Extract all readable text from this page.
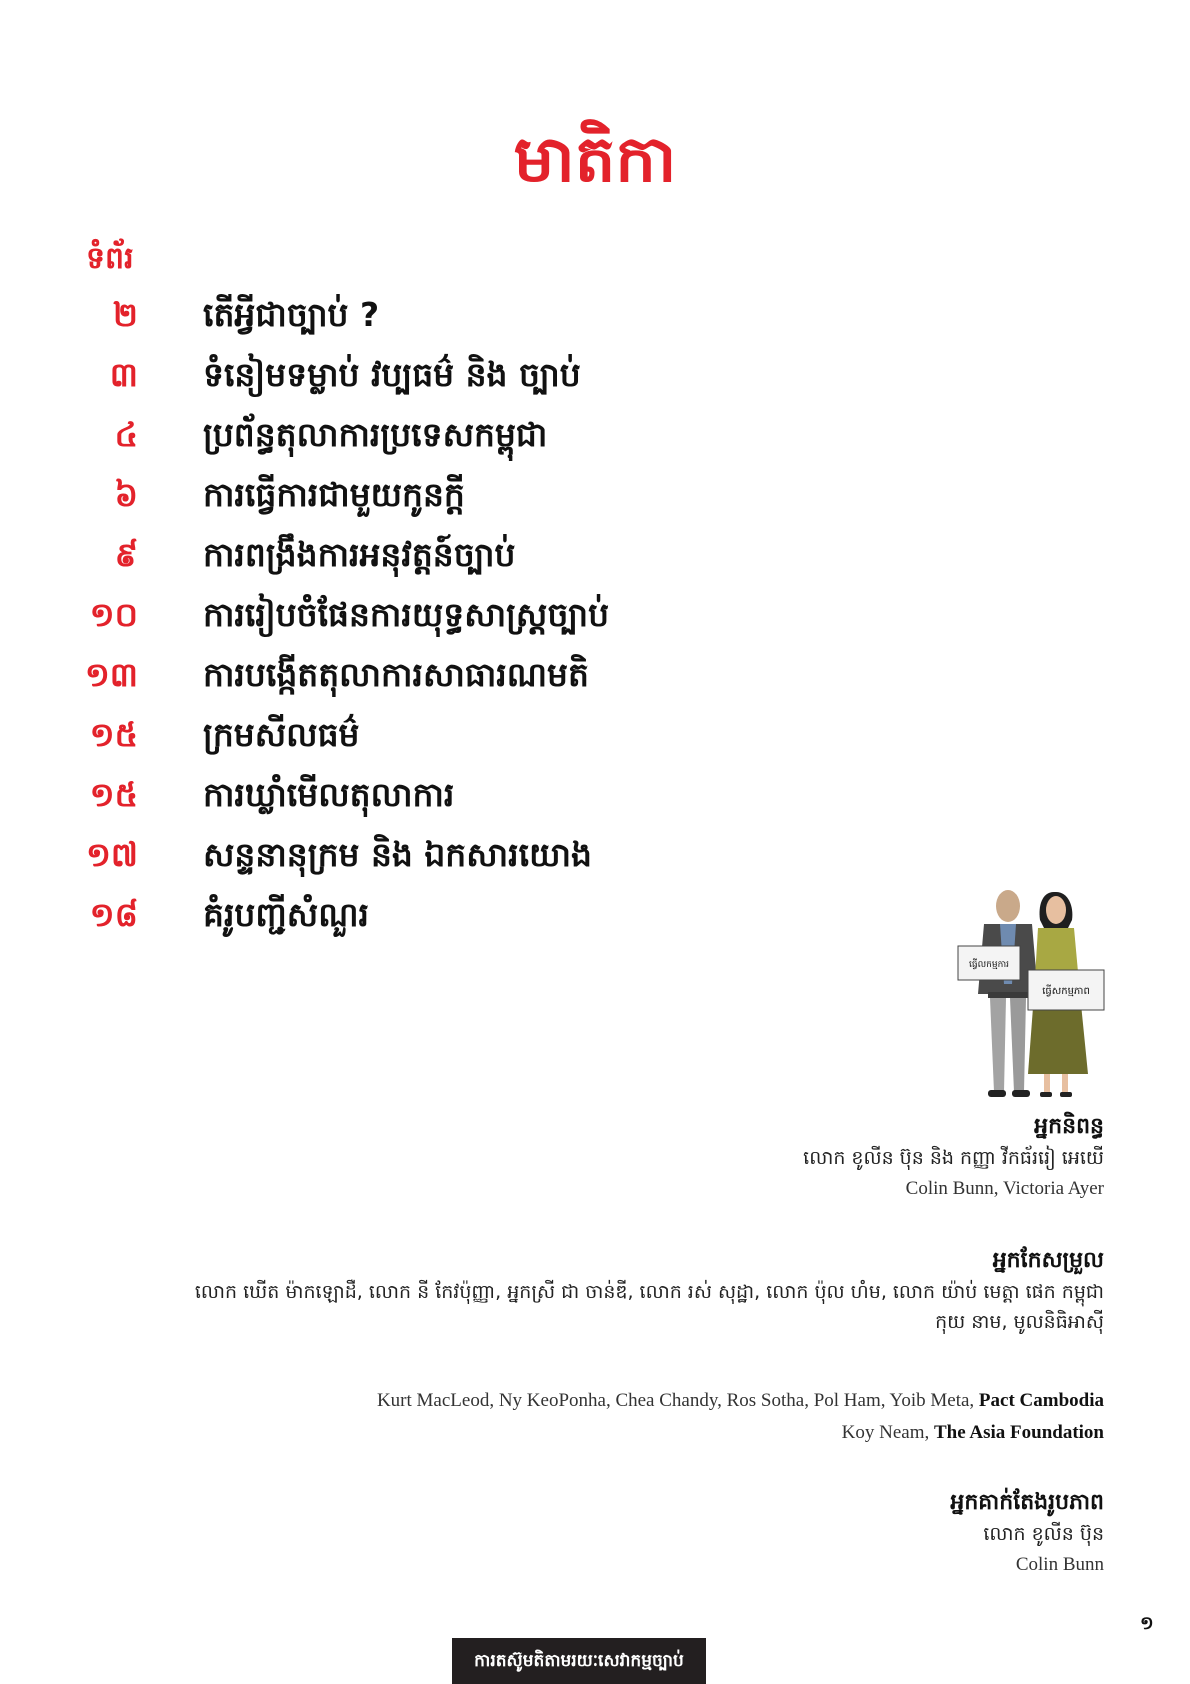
មាតិកា
ទំព័រ
២ តើអ្វីជាច្បាប់ ?
៣ ទំនៀមទម្លាប់ វប្បធម៌ និង ច្បាប់
៤ ប្រព័ន្ធតុលាការប្រទេសកម្ពុជា
៦ ការធ្វើការជាមួយកូនក្តី
៩ ការពង្រឹងការអនុវត្តន៍ច្បាប់
១០ ការរៀបចំផែនការយុទ្ធសាស្រ្តច្បាប់
១៣ ការបង្កើតតុលាការសាធារណមតិ
១៥ ក្រមសីលធម៌
១៥ ការឃ្លាំមើលតុលាការ
១៧ សន្ទនានុក្រម និង ឯកសារយោង
១៨ គំរូបញ្ជីសំណួរ
ធ្វើលកម្មការ
ធ្វើសកម្មភាព
អ្នកនិពន្ធ
លោក ខូលីន ប៊ុន និង កញ្ញា វីកធ័ររៀ អេយើ
Colin Bunn, Victoria Ayer
អ្នកកែសម្រួល
លោក ឃើត ម៉ាកឡោដឺ, លោក នី កែវប៉ុញ្ញា, អ្នកស្រី ជា ចាន់ឌី, លោក រស់ សុដ្ឋា, លោក ប៉ុល ហំម, លោក យ៉ាប់ មេត្តា ផេក កម្ពុជា
កុយ នាម, មូលនិធិអាស៊ី
Kurt MacLeod, Ny KeoPonha, Chea Chandy, Ros Sotha, Pol Ham, Yoib Meta, Pact Cambodia
Koy Neam, The Asia Foundation
អ្នកគាក់តែងរូបភាព
លោក ខូលីន ប៊ុន
Colin Bunn
ការតស៊ូមតិតាមរយៈសេវាកម្មច្បាប់
១
